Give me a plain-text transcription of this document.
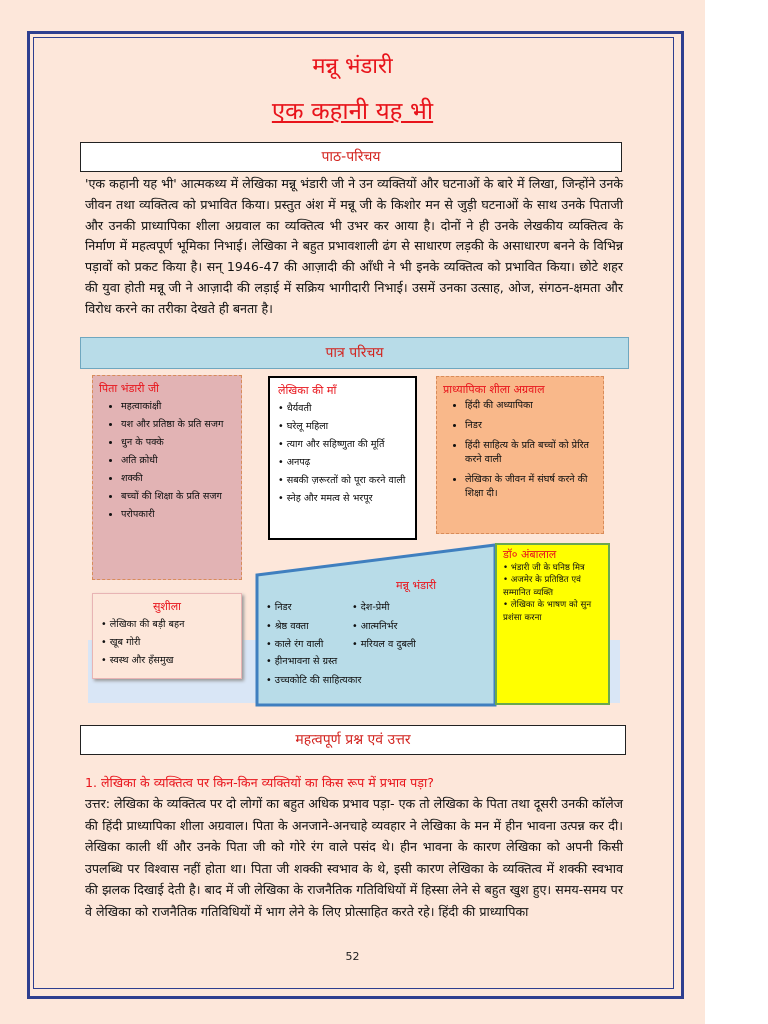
मन्नू भंडारी
एक कहानी यह भी
पाठ-परिचय
'एक कहानी यह भी' आत्मकथ्य में लेखिका मन्नू भंडारी जी ने उन व्यक्तियों और घटनाओं के बारे में लिखा, जिन्होंने उनके जीवन तथा व्यक्तित्व को प्रभावित किया। प्रस्तुत अंश में मन्नू जी के किशोर मन से जुड़ी घटनाओं के साथ उनके पिताजी और उनकी प्राध्यापिका शीला अग्रवाल का व्यक्तित्व भी उभर कर आया है। दोनों ने ही उनके लेखकीय व्यक्तित्व के निर्माण में महत्वपूर्ण भूमिका निभाई। लेखिका ने बहुत प्रभावशाली ढंग से साधारण लड़की के असाधारण बनने के विभिन्न पड़ावों को प्रकट किया है। सन् 1946-47 की आज़ादी की आँधी ने भी इनके व्यक्तित्व को प्रभावित किया। छोटे शहर की युवा होती मन्नू जी ने आज़ादी की लड़ाई में सक्रिय भागीदारी निभाई। उसमें उनका उत्साह, ओज, संगठन-क्षमता और विरोध करने का तरीका देखते ही बनता है।
पात्र परिचय
पिता भंडारी जी
• महत्वाकांक्षी
• यश और प्रतिष्ठा के प्रति सजग
• धुन के पक्के
• अति क्रोधी
• शक्की
• बच्चों की शिक्षा के प्रति सजग
• परोपकारी
लेखिका की माँ
• धैर्यवती
• घरेलू महिला
• त्याग और सहिष्णुता की मूर्ति
• अनपढ़
• सबकी ज़रूरतों को पूरा करने वाली
• स्नेह और ममत्व से भरपूर
प्राध्यापिका शीला अग्रवाल
• हिंदी की अध्यापिका
• निडर
• हिंदी साहित्य के प्रति बच्चों को प्रेरित करने वाली
• लेखिका के जीवन में संघर्ष करने की शिक्षा दी।
मन्नू भंडारी
• निडर
• श्रेष्ठ वक्ता
• काले रंग वाली
• देश-प्रेमी
• आत्मनिर्भर
• मरियल व दुबली
• हीनभावना से ग्रस्त
• उच्चकोटि की साहित्यकार
डॉ० अंबालाल
• भंडारी जी के घनिष्ठ मित्र
• अजमेर के प्रतिष्ठित एवं सम्मानित व्यक्ति
• लेखिका के भाषण को सुन प्रशंसा करना
सुशीला
• लेखिका की बड़ी बहन
• खूब गोरी
• स्वस्थ और हँसमुख
महत्वपूर्ण प्रश्न एवं उत्तर
1. लेखिका के व्यक्तित्व पर किन-किन व्यक्तियों का किस रूप में प्रभाव पड़ा?
उत्तर: लेखिका के व्यक्तित्व पर दो लोगों का बहुत अधिक प्रभाव पड़ा- एक तो लेखिका के पिता तथा दूसरी उनकी कॉलेज की हिंदी प्राध्यापिका शीला अग्रवाल। पिता के अनजाने-अनचाहे व्यवहार ने लेखिका के मन में हीन भावना उत्पन्न कर दी। लेखिका काली थीं और उनके पिता जी को गोरे रंग वाले पसंद थे। हीन भावना के कारण लेखिका को अपनी किसी उपलब्धि पर विश्वास नहीं होता था। पिता जी शक्की स्वभाव के थे, इसी कारण लेखिका के व्यक्तित्व में शक्की स्वभाव की झलक दिखाई देती है। बाद में जी लेखिका के राजनैतिक गतिविधियों में हिस्सा लेने से बहुत खुश हुए। समय-समय पर वे लेखिका को राजनैतिक गतिविधियों में भाग लेने के लिए प्रोत्साहित करते रहे। हिंदी की प्राध्यापिका
52
